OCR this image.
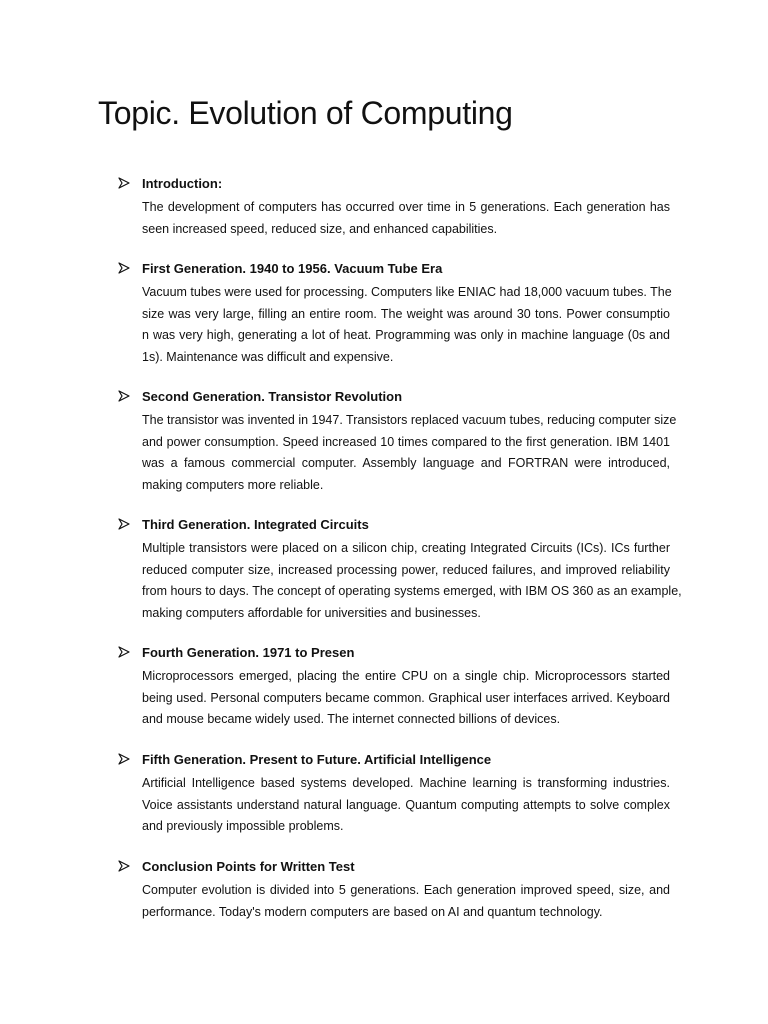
Topic. Evolution of Computing
Introduction:
The development of computers has occurred over time in 5 generations. Each generation has
seen increased speed, reduced size, and enhanced capabilities.
First Generation. 1940 to 1956. Vacuum Tube Era
Vacuum tubes were used for processing. Computers like ENIAC had 18,000 vacuum tubes. The
size was very large, filling an entire room. The weight was around 30 tons. Power consumptio
n was very high, generating a lot of heat. Programming was only in machine language (0s and
1s). Maintenance was difficult and expensive.
Second Generation. Transistor Revolution
The transistor was invented in 1947. Transistors replaced vacuum tubes, reducing computer size
and power consumption. Speed increased 10 times compared to the first generation. IBM 1401
was a famous commercial computer. Assembly language and FORTRAN were introduced,
making computers more reliable.
Third Generation. Integrated Circuits
Multiple transistors were placed on a silicon chip, creating Integrated Circuits (ICs). ICs further
reduced computer size, increased processing power, reduced failures, and improved reliability
from hours to days. The concept of operating systems emerged, with IBM OS 360 as an example,
making computers affordable for universities and businesses.
Fourth Generation. 1971 to Presen
Microprocessors emerged, placing the entire CPU on a single chip. Microprocessors started
being used. Personal computers became common. Graphical user interfaces arrived. Keyboard
and mouse became widely used. The internet connected billions of devices.
Fifth Generation. Present to Future. Artificial Intelligence
Artificial Intelligence based systems developed. Machine learning is transforming industries.
Voice assistants understand natural language. Quantum computing attempts to solve complex
and previously impossible problems.
Conclusion Points for Written Test
Computer evolution is divided into 5 generations. Each generation improved speed, size, and
performance. Today's modern computers are based on AI and quantum technology.
